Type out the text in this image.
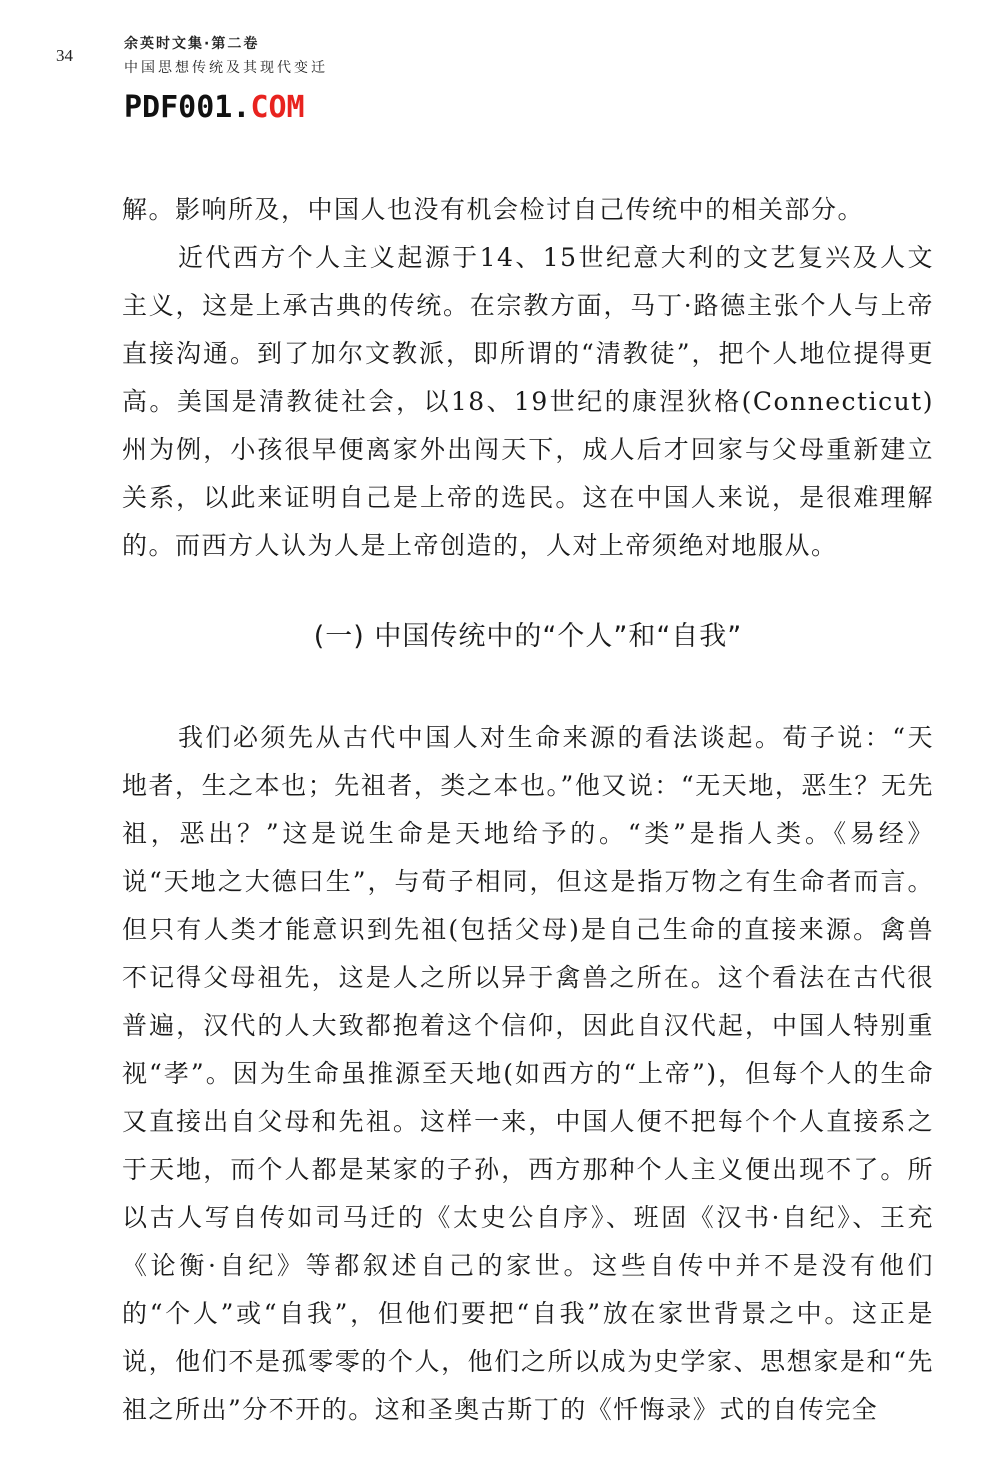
34
余英时文集·第二卷
中国思想传统及其现代变迁
PDF001.COM

解。影响所及，中国人也没有机会检讨自己传统中的相关部分。

近代西方个人主义起源于14、15世纪意大利的文艺复兴及人文主义，这是上承古典的传统。在宗教方面，马丁·路德主张个人与上帝直接沟通。到了加尔文教派，即所谓的“清教徒”，把个人地位提得更高。美国是清教徒社会，以18、19世纪的康涅狄格(Connecticut)州为例，小孩很早便离家外出闯天下，成人后才回家与父母重新建立关系，以此来证明自己是上帝的选民。这在中国人来说，是很难理解的。而西方人认为人是上帝创造的，人对上帝须绝对地服从。

(一) 中国传统中的“个人”和“自我”

我们必须先从古代中国人对生命来源的看法谈起。荀子说：“天地者，生之本也；先祖者，类之本也。”他又说：“无天地，恶生？无先祖，恶出？”这是说生命是天地给予的。“类”是指人类。《易经》说“天地之大德曰生”，与荀子相同，但这是指万物之有生命者而言。但只有人类才能意识到先祖(包括父母)是自己生命的直接来源。禽兽不记得父母祖先，这是人之所以异于禽兽之所在。这个看法在古代很普遍，汉代的人大致都抱着这个信仰，因此自汉代起，中国人特别重视“孝”。因为生命虽推源至天地(如西方的“上帝”)，但每个人的生命又直接出自父母和先祖。这样一来，中国人便不把每个个人直接系之于天地，而个人都是某家的子孙，西方那种个人主义便出现不了。所以古人写自传如司马迁的《太史公自序》、班固《汉书·自纪》、王充《论衡·自纪》等都叙述自己的家世。这些自传中并不是没有他们的“个人”或“自我”，但他们要把“自我”放在家世背景之中。这正是说，他们不是孤零零的个人，他们之所以成为史学家、思想家是和“先祖之所出”分不开的。这和圣奥古斯丁的《忏悔录》式的自传完全
